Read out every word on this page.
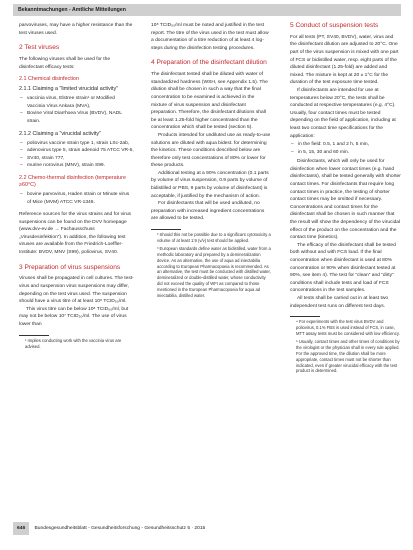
Bekanntmachungen - Amtliche Mitteilungen

parvoviruses, may have a higher resistance than the test viruses used.

2 Test viruses

The following viruses shall be used for the disinfectant efficacy tests:

2.1 Chemical disinfection
2.1.1 Claiming a "limited virucidal activity"
– vaccinia virus, Elstree strain¹ or Modified Vaccinia Virus Ankara (MVA),
– Bovine Viral Diarrhoea Virus (BVDV), NADL strain.
2.1.2 Claiming a "virucidal activity"
– poliovirus vaccine strain type 1, strain LSc-2ab,
– adenovirus type 5, strain adenoid 75 ATCC VR-5,
– SV40, strain 777,
– murine norovirus (MNV), strain S99.
2.2 Chemo-thermal disinfection (temperature ≥60°C)
– bovine parvovirus, Haden strain or Minute virus of Mice (MVM) ATCC VR-1346.

Reference sources for the virus strains and for virus suspensions can be found on the DVV homepage (www.dvv-ev.de → Fachausschuss „Virusdesinfektion“). In addition, the following test viruses are available from the Friedrich-Loeffler-Institute: BVDV, MNV (S99), poliovirus, SV40.

3 Preparation of virus suspensions

Viruses shall be propagated in cell cultures. The test-virus and suspension virus suspensions may differ, depending on the test virus used. The suspension should have a virus titre of at least 10⁸ TCID₅₀/ml.

This virus titre can be below 10⁸ TCID₅₀/ml, but may not be below 10⁷ TCID₅₀/ml. The use of virus lower than

¹ Implies conducting work with the vaccinia virus are advised.

10⁸ TCID₅₀/ml must be noted and justified in the test report. The titre of the virus used in the test must allow a documentation of a titre reduction of at least 4 log-steps during the disinfection testing procedures.

4 Preparation of the disinfectant dilution

The disinfectant tested shall be diluted with water of standardized hardness (WSH, see Appendix 1.5). The dilution shall be chosen in such a way that the final concentration to be examined is achieved in the mixture of virus suspension and disinfectant preparation. Therefore, the disinfectant dilutions shall be at least 1.25-fold higher concentrated than the concentration which shall be tested (section 5).

Products intended for undiluted use as ready-to-use solutions are diluted with aqua bidest. for determining the kinetics. These conditions described below are therefore only test concentrations of 80% or lower for these products.

Additional testing at a 90% concentration (0.1 parts by volume of virus suspension, 0.9 parts by volume of bidistilled or PBS, 9 parts by volume of disinfectant) is acceptable, if justified by the mechanism of action.

For disinfectants that will be used undiluted, no preparation with increased ingredient concentrations are allowed to be tested.

² Should this not be possible due to a significant cytotoxicity a volume of at least 1:9 (v/v) test should be applied.

³ European standards define water as bidistilled, water from a methodic laboratory and prepared by a demineralization device. As an alternative, the use of aqua ad iniectabilia according to European Pharmacopoeia is recommended. As an alternative, the test must be conducted with distilled water, demineralized or double-distilled water, whose conductivity did not exceed the quality of WFI as compared to those mentioned in the European Pharmacopoeia for aqua ad iniectabilia, distilled water.

5 Conduct of suspension tests

For all tests (PT, SV40, BVDV), water, virus and the disinfectant dilution are adjusted to 20°C. One part of the virus suspension is mixed with one part of FCS or bidistilled water, resp. eight parts of the diluted disinfectant (1.25-fold) are added and mixed. The mixture is kept at 20 ± 1°C for the duration of the test exposure time tested.

If disinfectants are intended for use at temperatures below 20°C, the tests shall be conducted at respective temperatures (e.g. 4°C). Usually, four contact times must be tested depending on the field of application, including at least two contact time specifications for the application:

– in the field: 0.5, 1 and 2 h, 5 min,
– in 5, 15, 30 and 60 min.

Disinfectants, which will only be used for disinfection when lower contact times (e.g. hand disinfectants), shall be tested generally with shorter contact times. For disinfectants that require long contact times in practice, the testing of shorter contact times may be omitted if necessary. Concentrations and contact times for the disinfectant shall be chosen in such manner that the result will show the dependency of the virucidal effect of the product on the concentration and the contact time (kinetics).

The efficacy of the disinfectant shall be tested both without and with FCS load. If the final concentration when disinfectant is used at 80% concentration or 90% when disinfectant tested at 90%, see item 4). The test for “clean” and “dirty” conditions shall include tests and load of FCS concentrations in the test samples.

All tests shall be carried out in at least two independent test runs on different test days.

⁴ For experiments with the test virus BVDV and poliovirus, 0.1% FBS is used instead of FCS, in case, MTT assay tests must be considered with low efficiency.

⁵ Usually, contact times and other times of conditions by the virologist or the physician shall in every rule applied. For the approved time, the dilution shall be more appropriate, contact times must not be shorter than indicated, even if greater virucidal efficacy with the test product is determined.

646 Bundesgesundheitsblatt - Gesundheitsforschung - Gesundheitsschutz 5 · 2015
